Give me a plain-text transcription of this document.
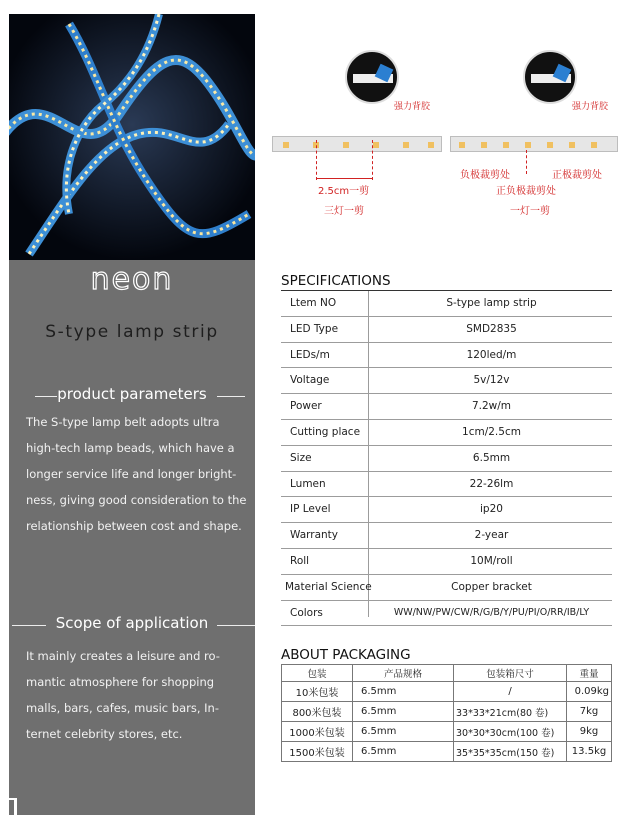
neon
S-type lamp strip
product parameters
The S-type lamp belt adopts ultra high-tech lamp beads, which have a longer service life and longer bright- ness, giving good consideration to the relationship between cost and shape.
Scope of application
It mainly creates a leisure and ro- mantic atmosphere for shopping malls, bars, cafes, music bars, In- ternet celebrity stores, etc.
强力背胶
2.5cm一剪
三灯一剪
强力背胶
负极裁剪处	正极裁剪处
正负极裁剪处
一灯一剪
SPECIFICATIONS
Ltem NO	S-type lamp strip
LED Type	SMD2835
LEDs/m	120led/m
Voltage	5v/12v
Power	7.2w/m
Cutting place	1cm/2.5cm
Size	6.5mm
Lumen	22-26lm
IP Level	ip20
Warranty	2-year
Roll	10M/roll
Material Science	Copper bracket
Colors	WW/NW/PW/CW/R/G/B/Y/PU/PI/O/RR/IB/LY
ABOUT PACKAGING
包装	产品规格	包装箱尺寸	重量
10米包装	6.5mm	/	0.09kg
800米包装	6.5mm	33*33*21cm(80 卷)	7kg
1000米包装	6.5mm	30*30*30cm(100 卷)	9kg
1500米包装	6.5mm	35*35*35cm(150 卷)	13.5kg
